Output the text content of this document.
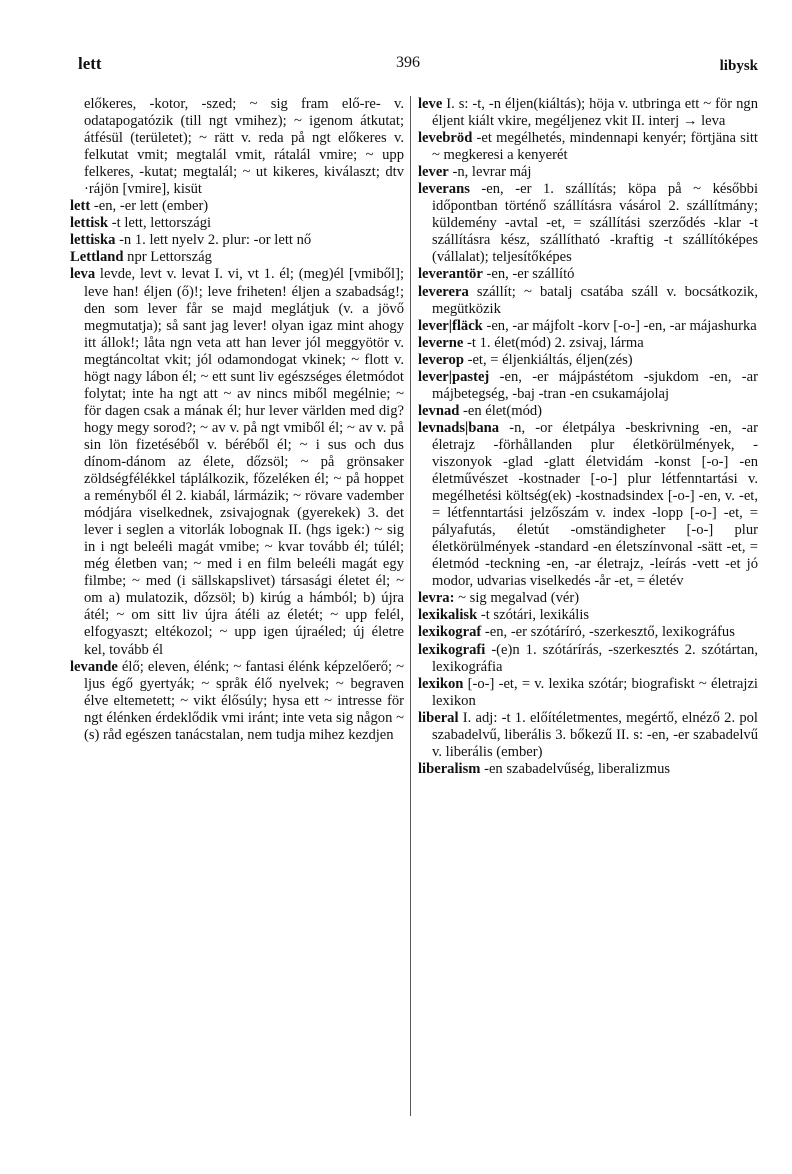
lett	396	libysk

előkeres, -kotor, -szed; ~ sig fram elő-re- v. odatapogatózik (till ngt vmihez); ~ igenom átkutat; átfésül (területet); ~ rätt v. reda på ngt előkeres v. felkutat vmit; megtalál vmit, rátalál vmire; ~ upp felkeres, -kutat; megtalál; ~ ut kikeres, kiválaszt; dtv ·rájön [vmire], kisüt

lett -en, -er lett (ember)

lettisk -t lett, lettországi

lettiska -n 1. lett nyelv 2. plur: -or lett nő

Lettland npr Lettország

leva levde, levt v. levat I. vi, vt 1. él; (meg)él [vmiből]; leve han! éljen (ő)!; leve friheten! éljen a szabadság!; den som lever får se majd meglátjuk (v. a jövő megmutatja); så sant jag lever! olyan igaz mint ahogy itt állok!; låta ngn veta att han lever jól meggyötör v. megtáncoltat vkit; jól odamondogat vkinek; ~ flott v. högt nagy lábon él; ~ ett sunt liv egészséges életmódot folytat; inte ha ngt att ~ av nincs miből megélnie; ~ för dagen csak a mának él; hur lever världen med dig? hogy megy sorod?; ~ av v. på ngt vmiből él; ~ av v. på sin lön fizetéséből v. béréből él; ~ i sus och dus dínom-dánom az élete, dőzsöl; ~ på grönsaker zöldségfélékkel táplálkozik, főzeléken él; ~ på hoppet a reményből él 2. kiabál, lármázik; ~ rövare vadember módjára viselkednek, zsivajognak (gyerekek) 3. det lever i seglen a vitorlák lobognak II. (hgs igek:) ~ sig in i ngt beleéli magát vmibe; ~ kvar tovább él; túlél; még életben van; ~ med i en film beleéli magát egy filmbe; ~ med (i sällskapslivet) társasági életet él; ~ om a) mulatozik, dőzsöl; b) kirúg a hámból; b) újra átél; ~ om sitt liv újra átéli az életét; ~ upp felél, elfogyaszt; eltékozol; ~ upp igen újraéled; új életre kel, tovább él

levande élő; eleven, élénk; ~ fantasi élénk képzelőerő; ~ ljus égő gyertyák; ~ språk élő nyelvek; ~ begraven élve eltemetett; ~ vikt élősúly; hysa ett ~ intresse för ngt élénken érdeklődik vmi iránt; inte veta sig någon ~(s) råd egészen tanácstalan, nem tudja mihez kezdjen

leve I. s: -t, -n éljen(kiáltás); höja v. utbringa ett ~ för ngn éljent kiált vkire, megéljenez vkit II. interj → leva

levebröd -et megélhetés, mindennapi kenyér; förtjäna sitt ~ megkeresi a kenyerét

lever -n, levrar máj

leverans -en, -er 1. szállítás; köpa på ~ későbbi időpontban történő szállításra vásárol 2. szállítmány; küldemény -avtal -et, = szállítási szerződés -klar -t szállításra kész, szállítható -kraftig -t szállítóképes (vállalat); teljesítőképes

leverantör -en, -er szállító

leverera szállít; ~ batalj csatába száll v. bocsátkozik, megütközik

lever|fläck -en, -ar májfolt -korv [-o-] -en, -ar májashurka

leverne -t 1. élet(mód) 2. zsivaj, lárma

leverop -et, = éljenkiáltás, éljen(zés)

lever|pastej -en, -er májpástétom -sjukdom -en, -ar májbetegség, -baj -tran -en csukamájolaj

levnad -en élet(mód)

levnads|bana -n, -or életpálya -beskrivning -en, -ar életrajz -förhållanden plur életkörülmények, -viszonyok -glad -glatt életvidám -konst [-o-] -en életművészet -kostnader [-o-] plur létfenntartási v. megélhetési költség(ek) -kostnadsindex [-o-] -en, v. -et, = létfenntartási jelzőszám v. index -lopp [-o-] -et, = pályafutás, életút -omständigheter [-o-] plur életkörülmények -standard -en életszínvonal -sätt -et, = életmód -teckning -en, -ar életrajz, -leírás -vett -et jó modor, udvarias viselkedés -år -et, = életév

levra: ~ sig megalvad (vér)

lexikalisk -t szótári, lexikális

lexikograf -en, -er szótáríró, -szerkesztő, lexikográfus

lexikografi -(e)n 1. szótárírás, -szerkesztés 2. szótártan, lexikográfia

lexikon [-o-] -et, = v. lexika szótár; biografiskt ~ életrajzi lexikon

liberal I. adj: -t 1. előítéletmentes, megértő, elnéző 2. pol szabadelvű, liberális 3. bőkezű II. s: -en, -er szabadelvű v. liberális (ember)

liberalism -en szabadelvűség, liberalizmus
